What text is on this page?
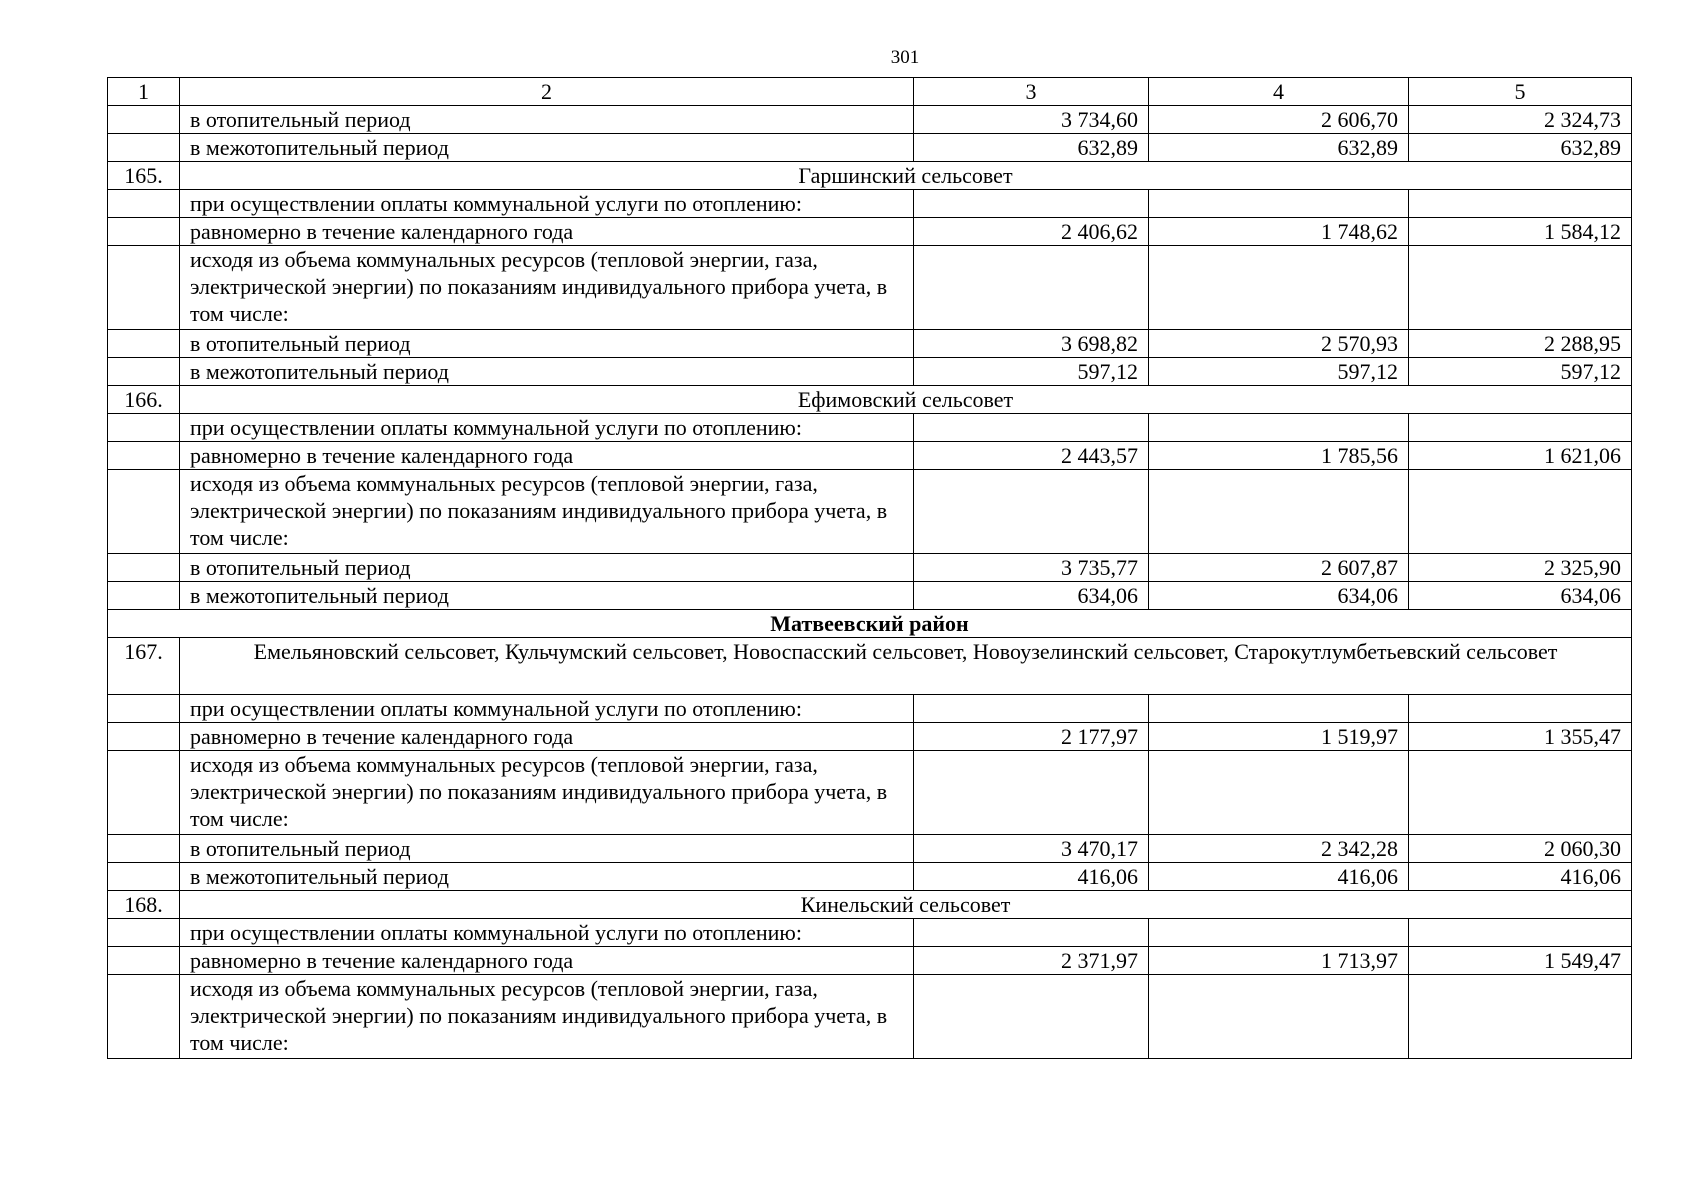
301
1	2	3	4	5
	в отопительный период	3 734,60	2 606,70	2 324,73
	в межотопительный период	632,89	632,89	632,89
165.	Гаршинский сельсовет			
	при осуществлении оплаты коммунальной услуги по отоплению:			
	равномерно в течение календарного года	2 406,62	1 748,62	1 584,12
	исходя из объема коммунальных ресурсов (тепловой энергии, газа, электрической энергии) по показаниям индивидуального прибора учета, в том числе:			
	в отопительный период	3 698,82	2 570,93	2 288,95
	в межотопительный период	597,12	597,12	597,12
166.	Ефимовский сельсовет			
	при осуществлении оплаты коммунальной услуги по отоплению:			
	равномерно в течение календарного года	2 443,57	1 785,56	1 621,06
	исходя из объема коммунальных ресурсов (тепловой энергии, газа, электрической энергии) по показаниям индивидуального прибора учета, в том числе:			
	в отопительный период	3 735,77	2 607,87	2 325,90
	в межотопительный период	634,06	634,06	634,06
Матвеевский район				
167.	Емельяновский сельсовет, Кульчумский сельсовет, Новоспасский сельсовет, Новоузелинский сельсовет, Старокутлумбетьевский сельсовет			
	при осуществлении оплаты коммунальной услуги по отоплению:			
	равномерно в течение календарного года	2 177,97	1 519,97	1 355,47
	исходя из объема коммунальных ресурсов (тепловой энергии, газа, электрической энергии) по показаниям индивидуального прибора учета, в том числе:			
	в отопительный период	3 470,17	2 342,28	2 060,30
	в межотопительный период	416,06	416,06	416,06
168.	Кинельский сельсовет			
	при осуществлении оплаты коммунальной услуги по отоплению:			
	равномерно в течение календарного года	2 371,97	1 713,97	1 549,47
	исходя из объема коммунальных ресурсов (тепловой энергии, газа, электрической энергии) по показаниям индивидуального прибора учета, в том числе:			
